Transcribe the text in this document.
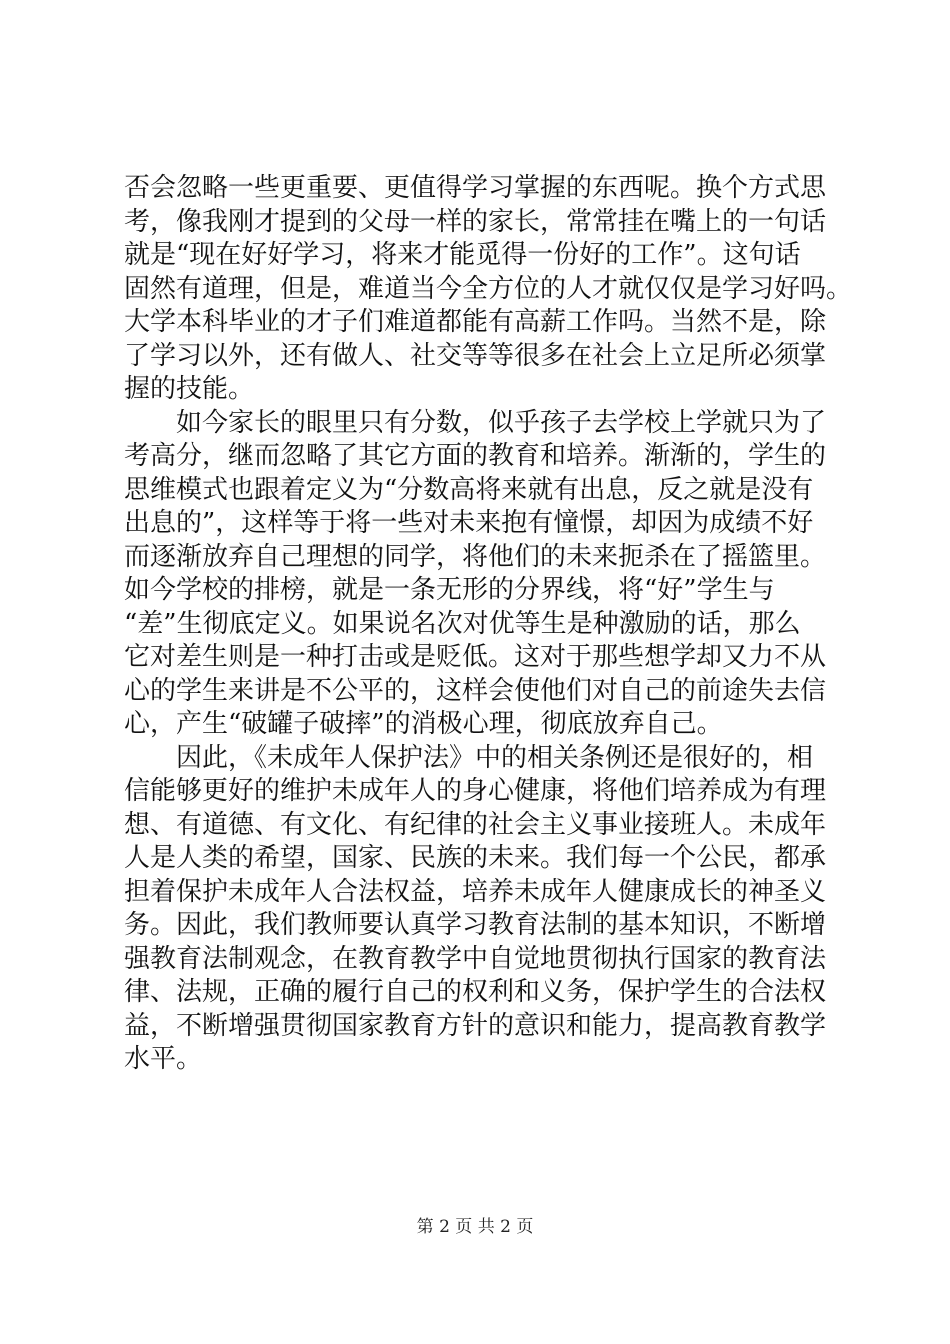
否会忽略一些更重要、更值得学习掌握的东西呢。换个方式思
考，像我刚才提到的父母一样的家长，常常挂在嘴上的一句话
就是“现在好好学习，将来才能觅得一份好的工作”。这句话
固然有道理，但是，难道当今全方位的人才就仅仅是学习好吗。
大学本科毕业的才子们难道都能有高薪工作吗。当然不是，除
了学习以外，还有做人、社交等等很多在社会上立足所必须掌
握的技能。
　　如今家长的眼里只有分数，似乎孩子去学校上学就只为了
考高分，继而忽略了其它方面的教育和培养。渐渐的，学生的
思维模式也跟着定义为“分数高将来就有出息，反之就是没有
出息的”，这样等于将一些对未来抱有憧憬，却因为成绩不好
而逐渐放弃自己理想的同学，将他们的未来扼杀在了摇篮里。
如今学校的排榜，就是一条无形的分界线，将“好”学生与
“差”生彻底定义。如果说名次对优等生是种激励的话，那么
它对差生则是一种打击或是贬低。这对于那些想学却又力不从
心的学生来讲是不公平的，这样会使他们对自己的前途失去信
心，产生“破罐子破摔”的消极心理，彻底放弃自己。
　　因此，《未成年人保护法》中的相关条例还是很好的，相
信能够更好的维护未成年人的身心健康，将他们培养成为有理
想、有道德、有文化、有纪律的社会主义事业接班人。未成年
人是人类的希望，国家、民族的未来。我们每一个公民，都承
担着保护未成年人合法权益，培养未成年人健康成长的神圣义
务。因此，我们教师要认真学习教育法制的基本知识，不断增
强教育法制观念，在教育教学中自觉地贯彻执行国家的教育法
律、法规，正确的履行自己的权利和义务，保护学生的合法权
益，不断增强贯彻国家教育方针的意识和能力，提高教育教学
水平。
第 2 页 共 2 页
